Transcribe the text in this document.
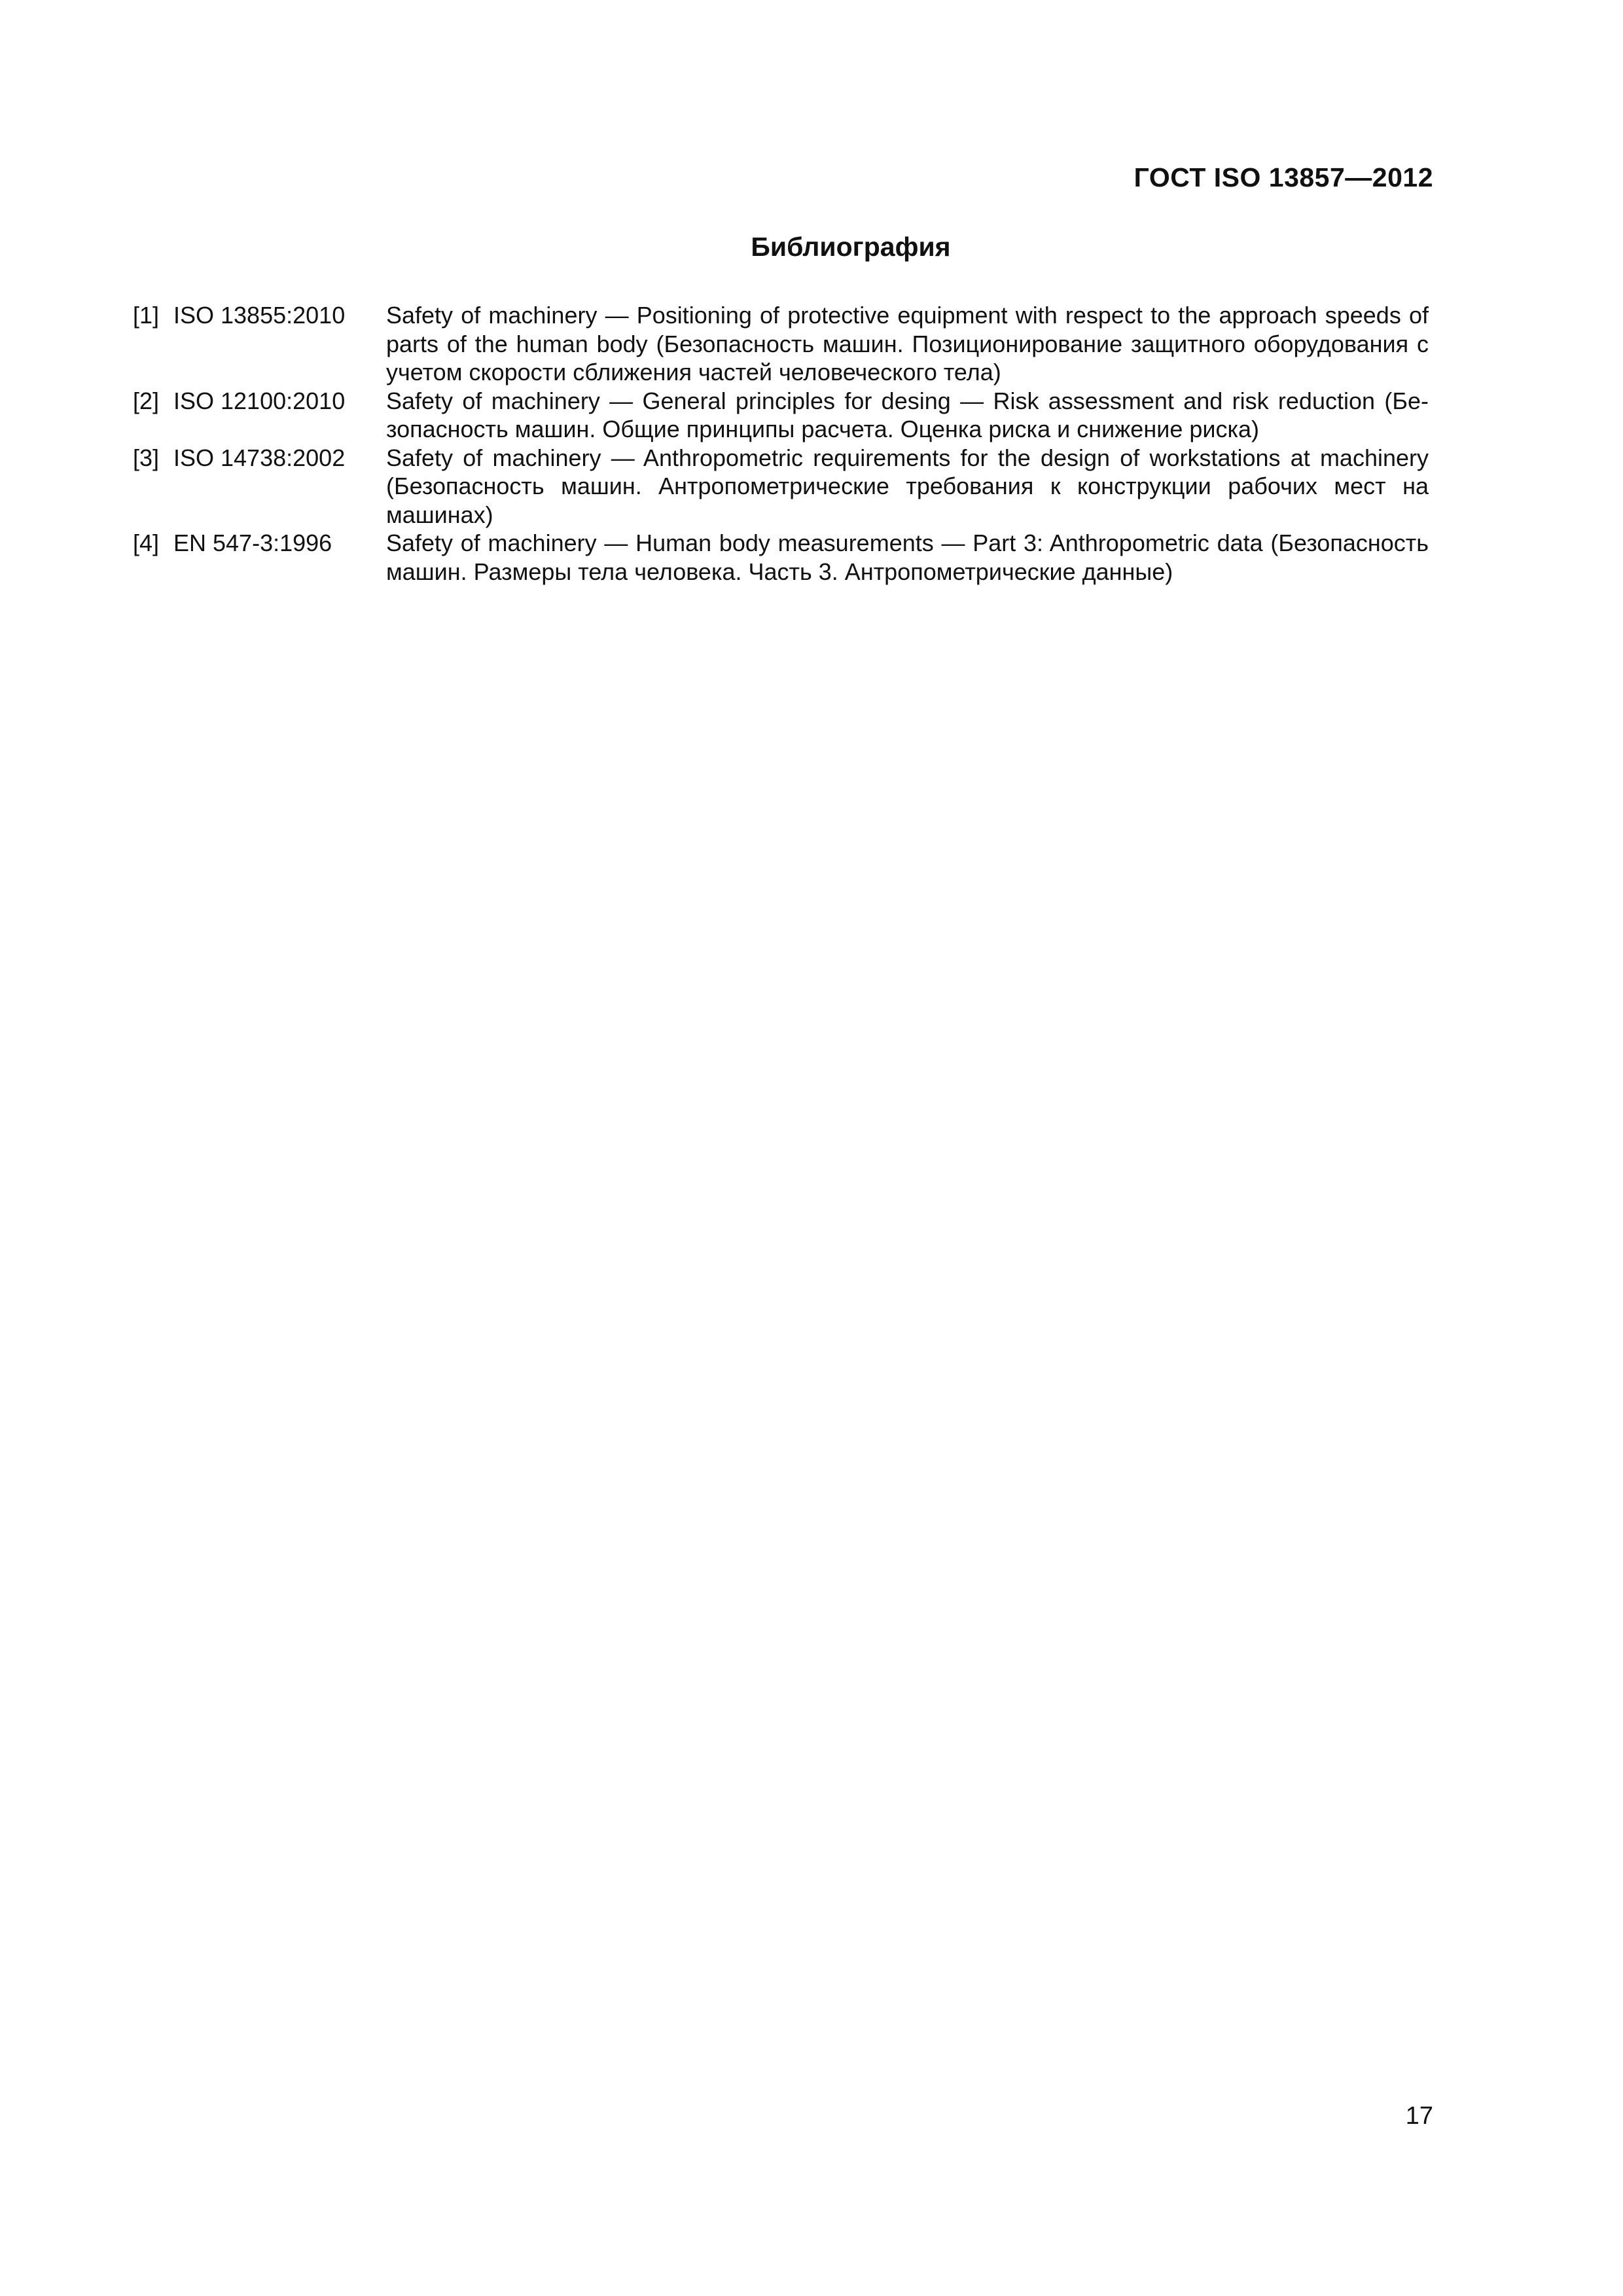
ГОСТ ISO 13857—2012
Библиография
[1] ISO 13855:2010	Safety of machinery — Positioning of protective equipment with respect to the approach speeds of parts of the human body (Безопасность машин. Позиционирование защитного оборудования с учетом скорости сближения частей человеческого тела)
[2] ISO 12100:2010	Safety of machinery — General principles for desing — Risk assessment and risk reduction (Безопасность машин. Общие принципы расчета. Оценка риска и снижение риска)
[3] ISO 14738:2002	Safety of machinery — Anthropometric requirements for the design of workstations at machinery (Безопасность машин. Антропометрические требования к конструкции рабочих мест на машинах)
[4] EN 547-3:1996	Safety of machinery — Human body measurements — Part 3: Anthropometric data (Безопасность машин. Размеры тела человека. Часть 3. Антропометрические данные)
17
